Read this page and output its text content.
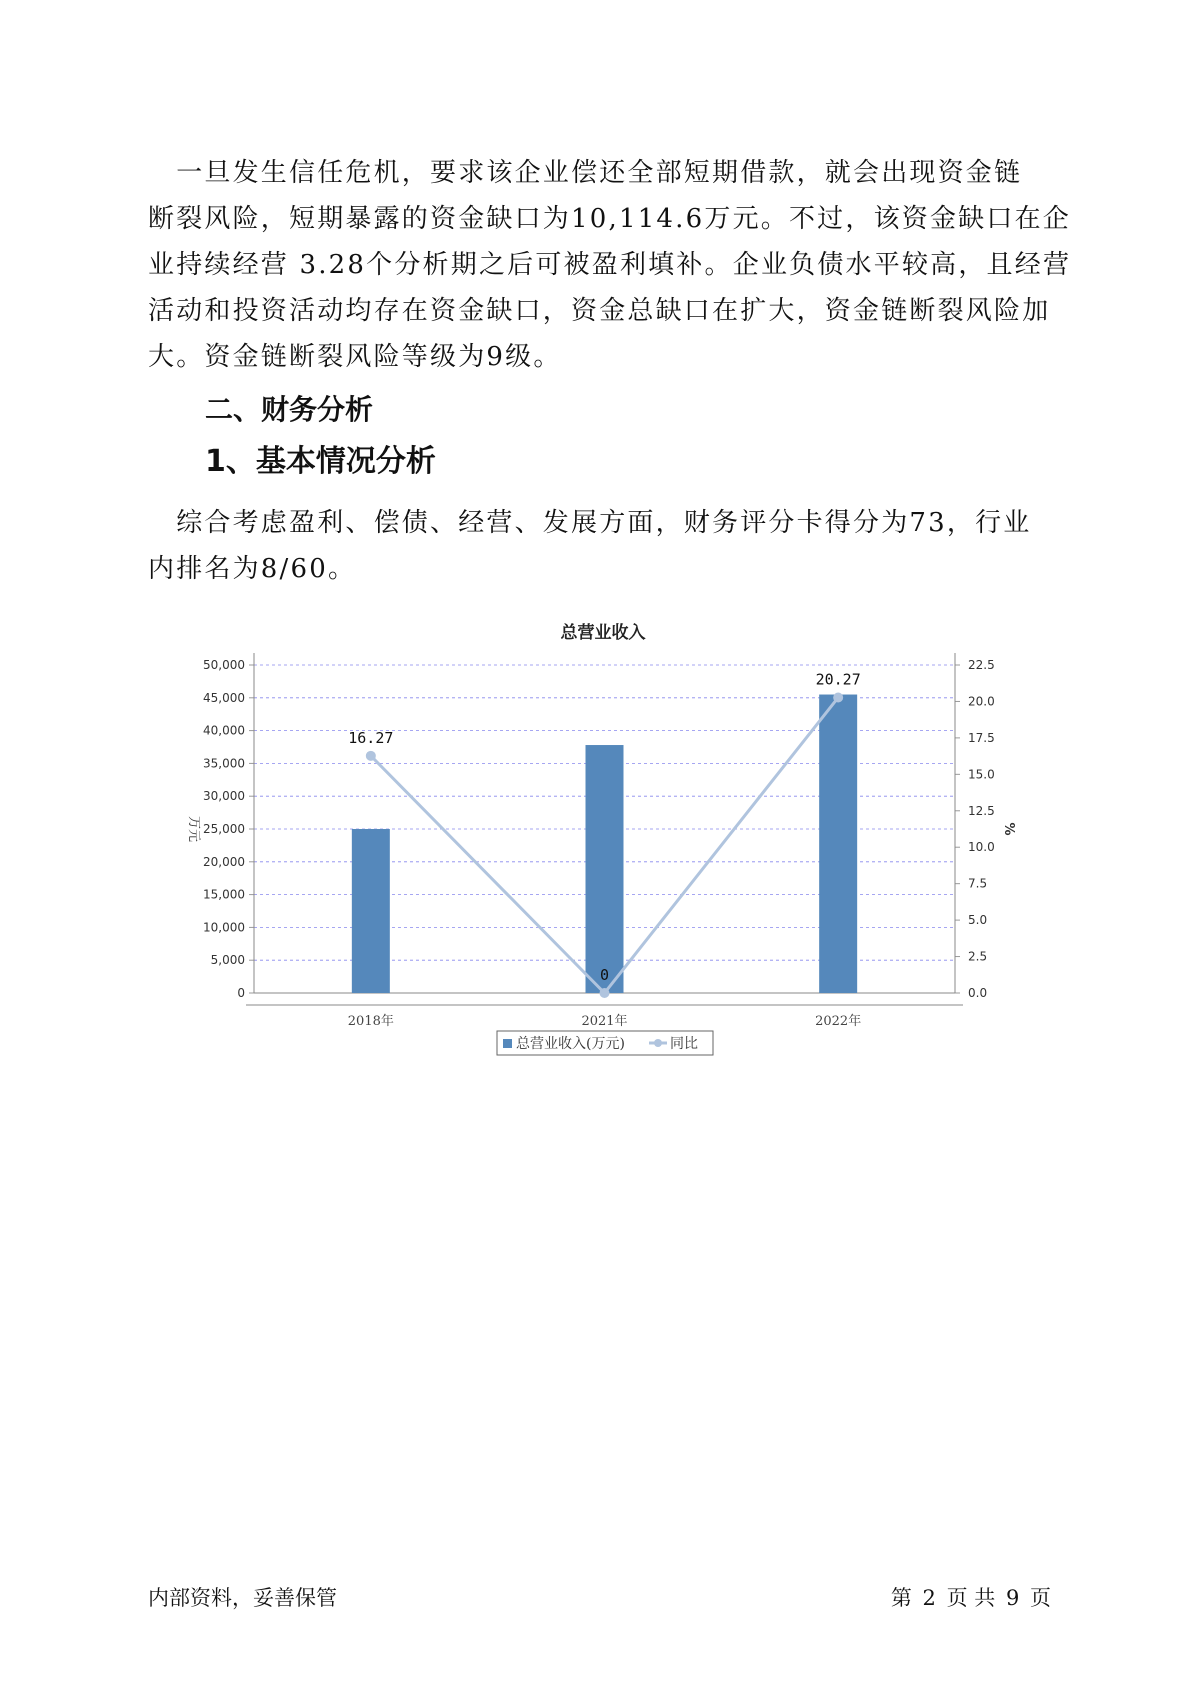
　一旦发生信任危机，要求该企业偿还全部短期借款，就会出现资金链
断裂风险，短期暴露的资金缺口为10,114.6万元。不过，该资金缺口在企
业持续经营 3.28个分析期之后可被盈利填补。企业负债水平较高，且经营
活动和投资活动均存在资金缺口，资金总缺口在扩大，资金链断裂风险加
大。资金链断裂风险等级为9级。
二、财务分析
1、基本情况分析
　综合考虑盈利、偿债、经营、发展方面，财务评分卡得分为73，行业
内排名为8/60。
总营业收入
0
5,000
10,000
15,000
20,000
25,000
30,000
35,000
40,000
45,000
50,000
0.0
2.5
5.0
7.5
10.0
12.5
15.0
17.5
20.0
22.5
万元	%
2018年	2021年	2022年
16.27
0
20.27
总营业收入(万元)	同比
内部资料，妥善保管	第 2 页 共 9 页
